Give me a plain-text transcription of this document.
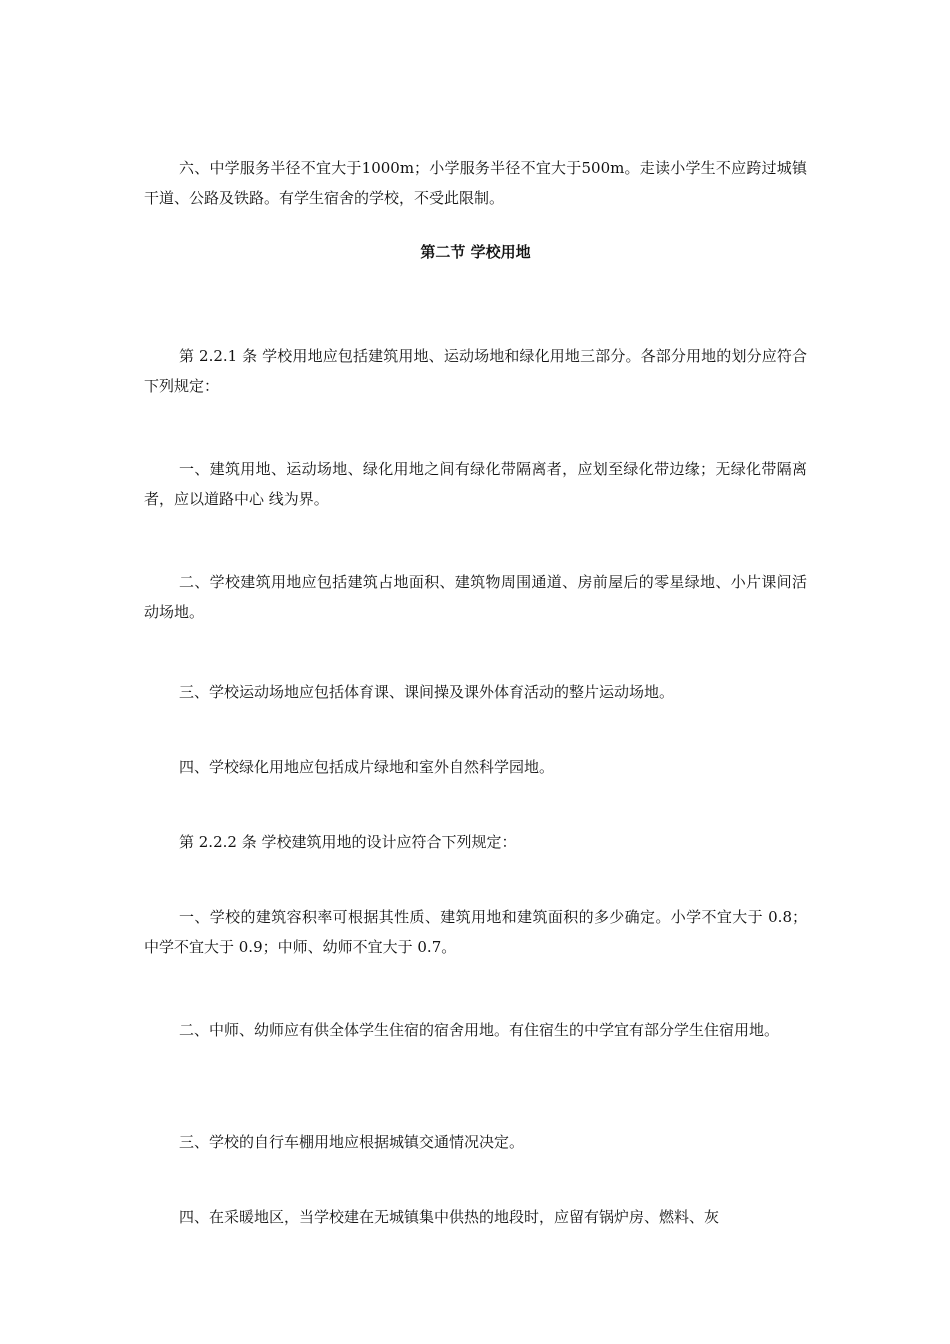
六、中学服务半径不宜大于1000m；小学服务半径不宜大于500m。走读小学生不应跨过城镇干道、公路及铁路。有学生宿舍的学校，不受此限制。

第二节 学校用地

第 2.2.1 条 学校用地应包括建筑用地、运动场地和绿化用地三部分。各部分用地的划分应符合下列规定：

一、建筑用地、运动场地、绿化用地之间有绿化带隔离者，应划至绿化带边缘；无绿化带隔离者，应以道路中心 线为界。

二、学校建筑用地应包括建筑占地面积、建筑物周围通道、房前屋后的零星绿地、小片课间活动场地。

三、学校运动场地应包括体育课、课间操及课外体育活动的整片运动场地。

四、学校绿化用地应包括成片绿地和室外自然科学园地。

第 2.2.2 条 学校建筑用地的设计应符合下列规定：

一、学校的建筑容积率可根据其性质、建筑用地和建筑面积的多少确定。小学不宜大于 0.8；中学不宜大于 0.9；中师、幼师不宜大于 0.7。

二、中师、幼师应有供全体学生住宿的宿舍用地。有住宿生的中学宜有部分学生住宿用地。

三、学校的自行车棚用地应根据城镇交通情况决定。

四、在采暖地区，当学校建在无城镇集中供热的地段时，应留有锅炉房、燃料、灰
